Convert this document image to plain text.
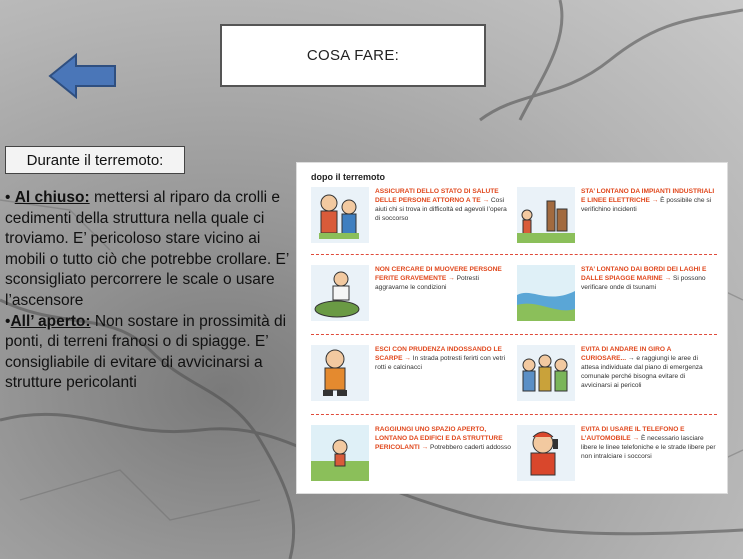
COSA FARE:
Durante il terremoto:

• Al chiuso: mettersi al riparo da crolli e cedimenti della struttura nella quale ci troviamo. E’ pericoloso stare vicino ai mobili o tutto ciò che potrebbe crollare. E’ sconsigliato percorrere le scale o usare l’ascensore

•All’ aperto: Non sostare in prossimità di ponti, di terreni franosi o di spiagge. E’ consigliabile di evitare di avvicinarsi a strutture pericolanti

dopo il terremoto
ASSICURATI DELLO STATO DI SALUTE DELLE PERSONE ATTORNO A TE → Così aiuti chi si trova in difficoltà ed agevoli l’opera di soccorso
STA’ LONTANO DA IMPIANTI INDUSTRIALI E LINEE ELETTRICHE → È possibile che si verifichino incidenti
NON CERCARE DI MUOVERE PERSONE FERITE GRAVEMENTE → Potresti aggravarne le condizioni
STA’ LONTANO DAI BORDI DEI LAGHI E DALLE SPIAGGE MARINE → Si possono verificare onde di tsunami
ESCI CON PRUDENZA INDOSSANDO LE SCARPE → In strada potresti ferirti con vetri rotti e calcinacci
EVITA DI ANDARE IN GIRO A CURIOSARE... → e raggiungi le aree di attesa individuate dal piano di emergenza comunale perché bisogna evitare di avvicinarsi ai pericoli
RAGGIUNGI UNO SPAZIO APERTO, LONTANO DA EDIFICI E DA STRUTTURE PERICOLANTI → Potrebbero caderti addosso
EVITA DI USARE IL TELEFONO E L’AUTOMOBILE → È necessario lasciare libere le linee telefoniche e le strade libere per non intralciare i soccorsi
